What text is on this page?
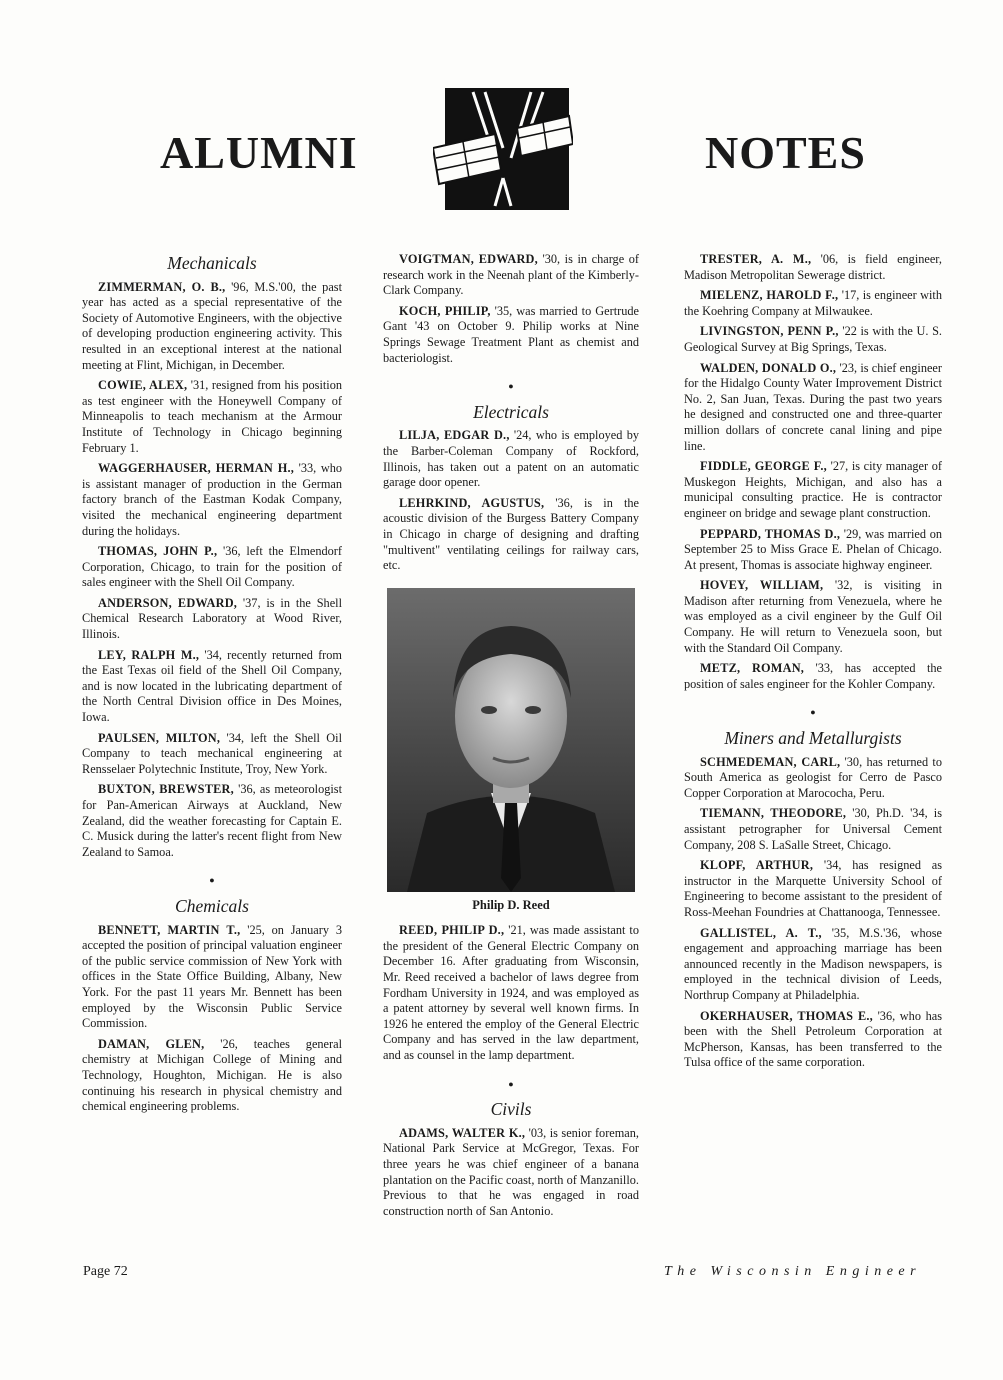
ALUMNI	NOTES
Mechanicals

ZIMMERMAN, O. B., '96, M.S.'00, the past year has acted as a special representative of the Society of Automotive Engineers, with the objective of developing production engineering activity. This resulted in an exceptional interest at the national meeting at Flint, Michigan, in December.

COWIE, ALEX, '31, resigned from his position as test engineer with the Honeywell Company of Minneapolis to teach mechanism at the Armour Institute of Technology in Chicago beginning February 1.

WAGGERHAUSER, HERMAN H., '33, who is assistant manager of production in the German factory branch of the Eastman Kodak Company, visited the mechanical engineering department during the holidays.

THOMAS, JOHN P., '36, left the Elmendorf Corporation, Chicago, to train for the position of sales engineer with the Shell Oil Company.

ANDERSON, EDWARD, '37, is in the Shell Chemical Research Laboratory at Wood River, Illinois.

LEY, RALPH M., '34, recently returned from the East Texas oil field of the Shell Oil Company, and is now located in the lubricating department of the North Central Division office in Des Moines, Iowa.

PAULSEN, MILTON, '34, left the Shell Oil Company to teach mechanical engineering at Rensselaer Polytechnic Institute, Troy, New York.

BUXTON, BREWSTER, '36, as meteorologist for Pan-American Airways at Auckland, New Zealand, did the weather forecasting for Captain E. C. Musick during the latter's recent flight from New Zealand to Samoa.

●
Chemicals

BENNETT, MARTIN T., '25, on January 3 accepted the position of principal valuation engineer of the public service commission of New York with offices in the State Office Building, Albany, New York. For the past 11 years Mr. Bennett has been employed by the Wisconsin Public Service Commission.

DAMAN, GLEN, '26, teaches general chemistry at Michigan College of Mining and Technology, Houghton, Michigan. He is also continuing his research in physical chemistry and chemical engineering problems.

VOIGTMAN, EDWARD, '30, is in charge of research work in the Neenah plant of the Kimberly-Clark Company.

KOCH, PHILIP, '35, was married to Gertrude Gant '43 on October 9. Philip works at Nine Springs Sewage Treatment Plant as chemist and bacteriologist.

●
Electricals

LILJA, EDGAR D., '24, who is employed by the Barber-Coleman Company of Rockford, Illinois, has taken out a patent on an automatic garage door opener.

LEHRKIND, AGUSTUS, '36, is in the acoustic division of the Burgess Battery Company in Chicago in charge of designing and drafting "multivent" ventilating ceilings for railway cars, etc.

Philip D. Reed

REED, PHILIP D., '21, was made assistant to the president of the General Electric Company on December 16. After graduating from Wisconsin, Mr. Reed received a bachelor of laws degree from Fordham University in 1924, and was employed as a patent attorney by several well known firms. In 1926 he entered the employ of the General Electric Company and has served in the law department, and as counsel in the lamp department.

●
Civils

ADAMS, WALTER K., '03, is senior foreman, National Park Service at McGregor, Texas. For three years he was chief engineer of a banana plantation on the Pacific coast, north of Manzanillo. Previous to that he was engaged in road construction north of San Antonio.

TRESTER, A. M., '06, is field engineer, Madison Metropolitan Sewerage district.

MIELENZ, HAROLD F., '17, is engineer with the Koehring Company at Milwaukee.

LIVINGSTON, PENN P., '22 is with the U. S. Geological Survey at Big Springs, Texas.

WALDEN, DONALD O., '23, is chief engineer for the Hidalgo County Water Improvement District No. 2, San Juan, Texas. During the past two years he designed and constructed one and three-quarter million dollars of concrete canal lining and pipe line.

FIDDLE, GEORGE F., '27, is city manager of Muskegon Heights, Michigan, and also has a municipal consulting practice. He is contractor engineer on bridge and sewage plant construction.

PEPPARD, THOMAS D., '29, was married on September 25 to Miss Grace E. Phelan of Chicago. At present, Thomas is associate highway engineer.

HOVEY, WILLIAM, '32, is visiting in Madison after returning from Venezuela, where he was employed as a civil engineer by the Gulf Oil Company. He will return to Venezuela soon, but with the Standard Oil Company.

METZ, ROMAN, '33, has accepted the position of sales engineer for the Kohler Company.

●
Miners and Metallurgists

SCHMEDEMAN, CARL, '30, has returned to South America as geologist for Cerro de Pasco Copper Corporation at Marococha, Peru.

TIEMANN, THEODORE, '30, Ph.D. '34, is assistant petrographer for Universal Cement Company, 208 S. LaSalle Street, Chicago.

KLOPF, ARTHUR, '34, has resigned as instructor in the Marquette University School of Engineering to become assistant to the president of Ross-Meehan Foundries at Chattanooga, Tennessee.

GALLISTEL, A. T., '35, M.S.'36, whose engagement and approaching marriage has been announced recently in the Madison newspapers, is employed in the technical division of Leeds, Northrup Company at Philadelphia.

OKERHAUSER, THOMAS E., '36, who has been with the Shell Petroleum Corporation at McPherson, Kansas, has been transferred to the Tulsa office of the same corporation.

Page 72	The Wisconsin Engineer
